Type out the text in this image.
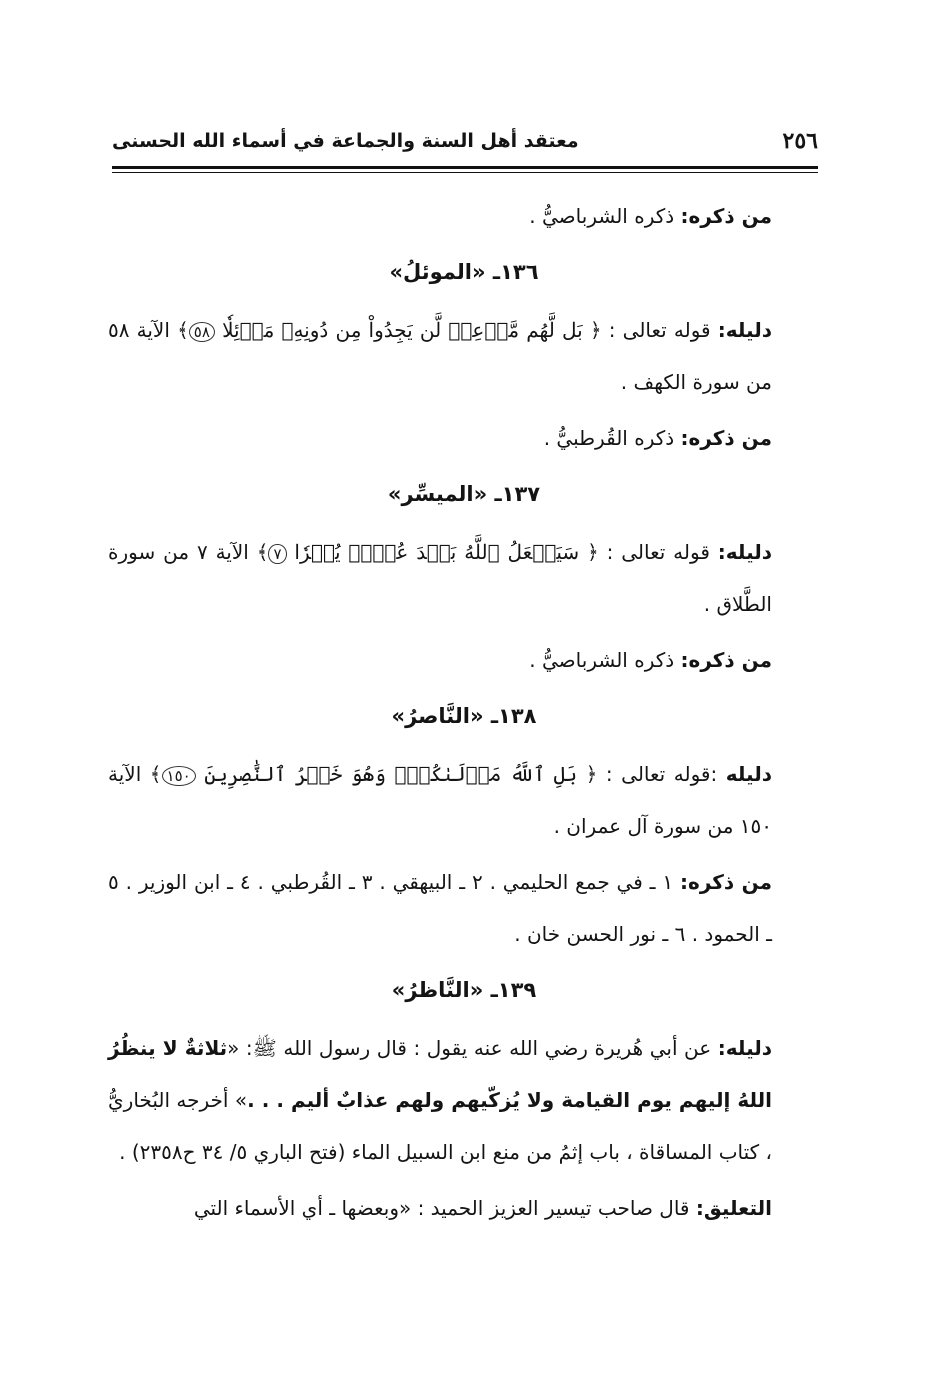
٢٥٦
معتقد أهل السنة والجماعة في أسماء الله الحسنى

من ذكره: ذكره الشرباصيُّ .

١٣٦ـ «الموئلُ»

دليله: قوله تعالى : ﴿ بَل لَّهُم مَّوۡعِدٞ لَّن يَجِدُواْ مِن دُونِهِۦ مَوۡئِلٗا ٥٨﴾ الآية ٥٨ من سورة الكهف .

من ذكره: ذكره القُرطبيُّ .

١٣٧ـ «الميسِّر»

دليله: قوله تعالى : ﴿ سَيَجۡعَلُ ٱللَّهُ بَعۡدَ عُسۡرٖ يُسۡرٗا ٧﴾ الآية ٧ من سورة الطَّلاق .

من ذكره: ذكره الشرباصيُّ .

١٣٨ـ «النَّاصرُ»

دليله :قوله تعالى : ﴿ بَلِ ٱللَّهُ مَوۡلَىٰكُمۡۖ وَهُوَ خَيۡرُ ٱلنَّٰصِرِينَ ١٥٠﴾ الآية ١٥٠ من سورة آل عمران .

من ذكره: ١ ـ في جمع الحليمي . ٢ ـ البيهقي . ٣ ـ القُرطبي . ٤ ـ ابن الوزير . ٥ ـ الحمود . ٦ ـ نور الحسن خان .

١٣٩ـ «النَّاظرُ»

دليله: عن أبي هُريرة رضي الله عنه يقول : قال رسول الله ﷺ: «ثلاثةٌ لا ينظُرُ اللهُ إليهم يوم القيامة ولا يُزكّيهم ولهم عذابٌ أليم . . .» أخرجه البُخاريُّ ، كتاب المساقاة ، باب إثمُ من منع ابن السبيل الماء (فتح الباري ٥/ ٣٤ ح٢٣٥٨) .

التعليق: قال صاحب تيسير العزيز الحميد : «وبعضها ـ أي الأسماء التي
